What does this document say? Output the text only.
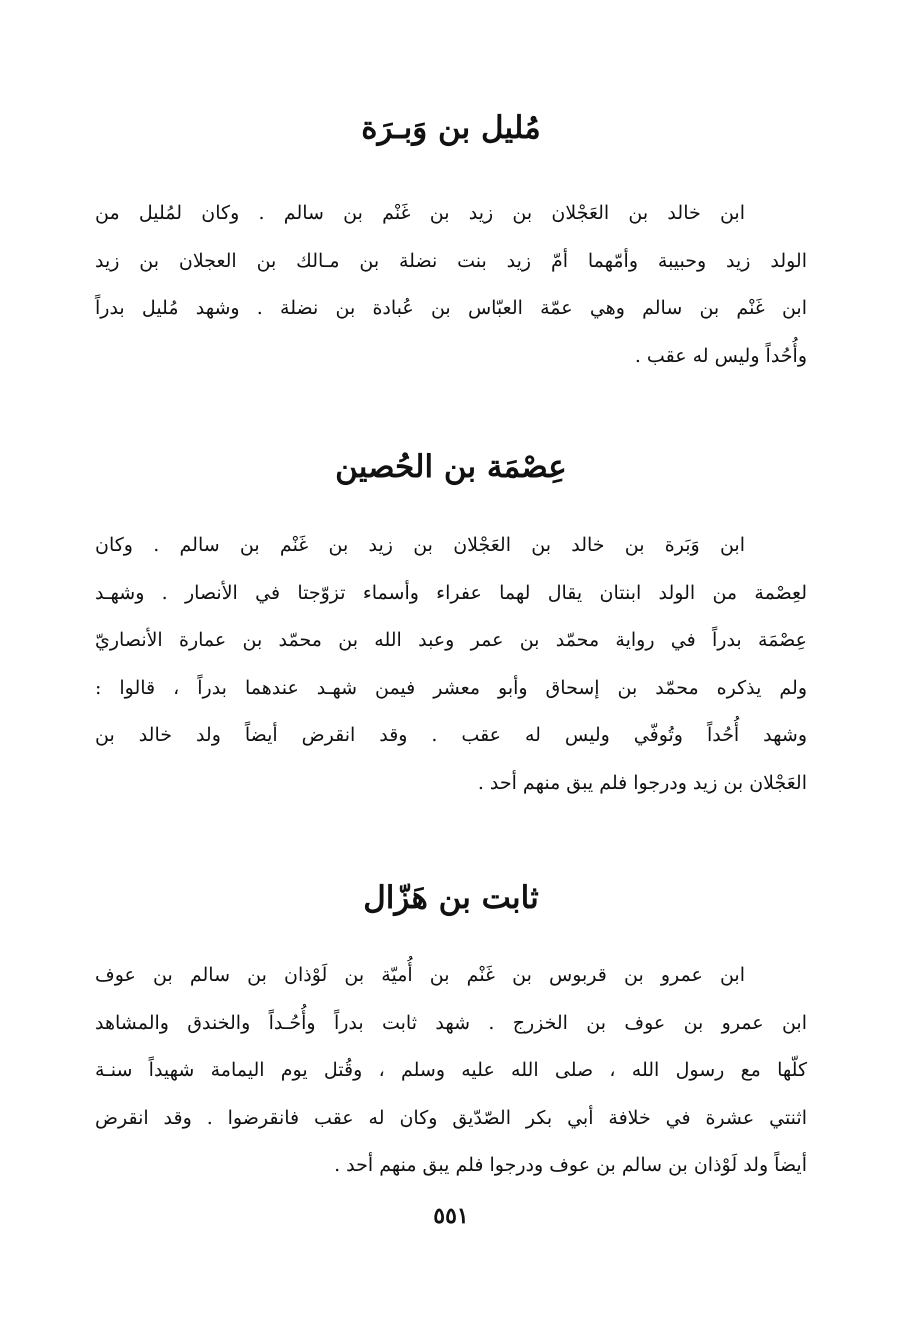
مُليل بن وَبـرَة

ابن خالد بن العَجْلان بن زيد بن غَنْم بن سالم . وكان لمُليل من
الولد زيد وحبيبة وأمّهما أمّ زيد بنت نضلة بن مـالك بن العجلان بن زيد
ابن غَنْم بن سالم وهي عمّة العبّاس بن عُبادة بن نضلة . وشهد مُليل بدراً
وأُحُداً وليس له عقب .

عِصْمَة بن الحُصين

ابن وَبَرة بن خالد بن العَجْلان بن زيد بن غَنْم بن سالم . وكان
لعِصْمة من الولد ابنتان يقال لهما عفراء وأسماء تزوّجتا في الأنصار . وشهـد
عِصْمَة بدراً في رواية محمّد بن عمر وعبد الله بن محمّد بن عمارة الأنصاريّ
ولم يذكره محمّد بن إسحاق وأبو معشر فيمن شهـد عندهما بدراً ، قالوا :
وشهد أُحُداً وتُوفّي وليس له عقب . وقد انقرض أيضاً ولد خالد بن
العَجْلان بن زيد ودرجوا فلم يبق منهم أحد .

ثابت بن هَزّال

ابن عمرو بن قربوس بن غَنْم بن أُميّة بن لَوْذان بن سالم بن عوف
ابن عمرو بن عوف بن الخزرج . شهد ثابت بدراً وأُحُـداً والخندق والمشاهد
كلّها مع رسول الله ، صلى الله عليه وسلم ، وقُتل يوم اليمامة شهيداً سنـة
اثنتي عشرة في خلافة أبي بكر الصّدّيق وكان له عقب فانقرضوا . وقد انقرض
أيضاً ولد لَوْذان بن سالم بن عوف ودرجوا فلم يبق منهم أحد .

٥٥١
